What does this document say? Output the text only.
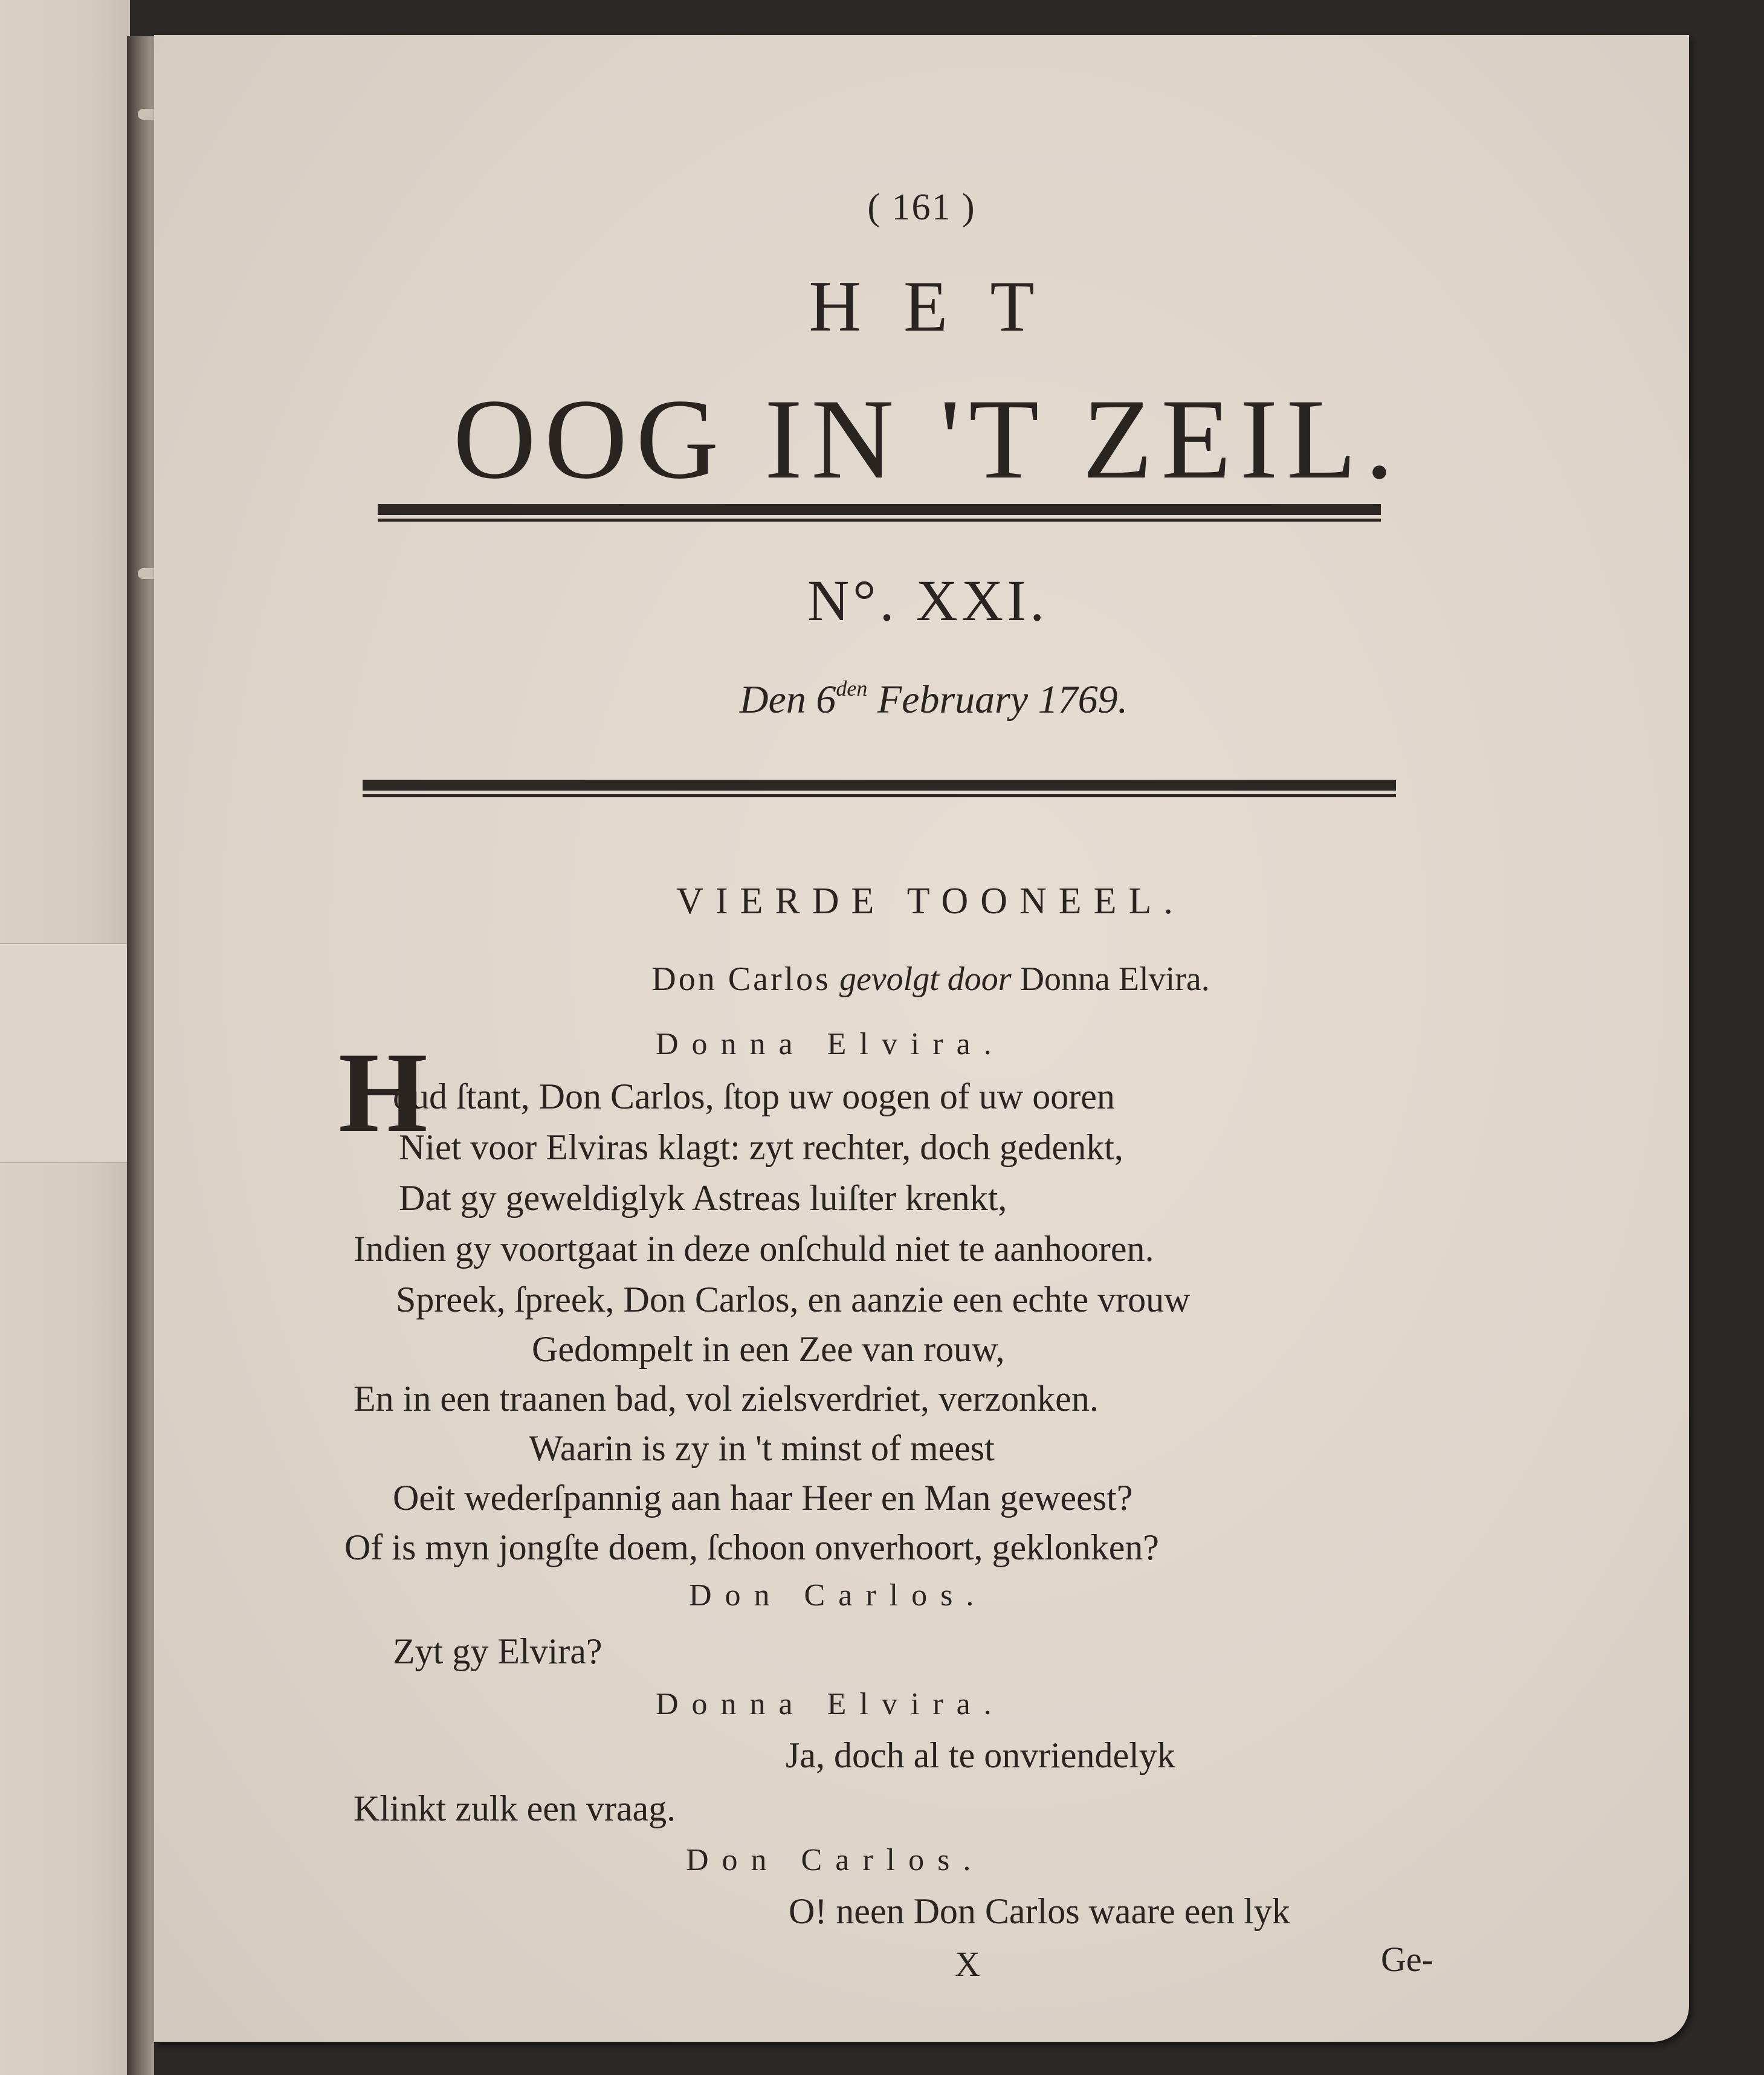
( 161 )
HET
OOG IN 'T ZEIL.
N°. XXI.
Den $6^{den}$ February 1769.
VIERDE TOONEEL.
Don Carlos gevolgt door Donna Elvira.
Donna Elvira.
H
oud ſtant, Don Carlos, ſtop uw oogen of uw ooren
Niet voor Elviras klagt: zyt rechter, doch gedenkt,
Dat gy geweldiglyk Astreas luiſter krenkt,
Indien gy voortgaat in deze onſchuld niet te aanhooren.
Spreek, ſpreek, Don Carlos, en aanzie een echte vrouw
Gedompelt in een Zee van rouw,
En in een traanen bad, vol zielsverdriet, verzonken.
Waarin is zy in 't minst of meest
Oeit wederſpannig aan haar Heer en Man geweest?
Of is myn jongſte doem, ſchoon onverhoort, geklonken?
Don Carlos.
Zyt gy Elvira?
Donna Elvira.
Ja, doch al te onvriendelyk
Klinkt zulk een vraag.
Don Carlos.
O! neen Don Carlos waare een lyk
X	Ge-
